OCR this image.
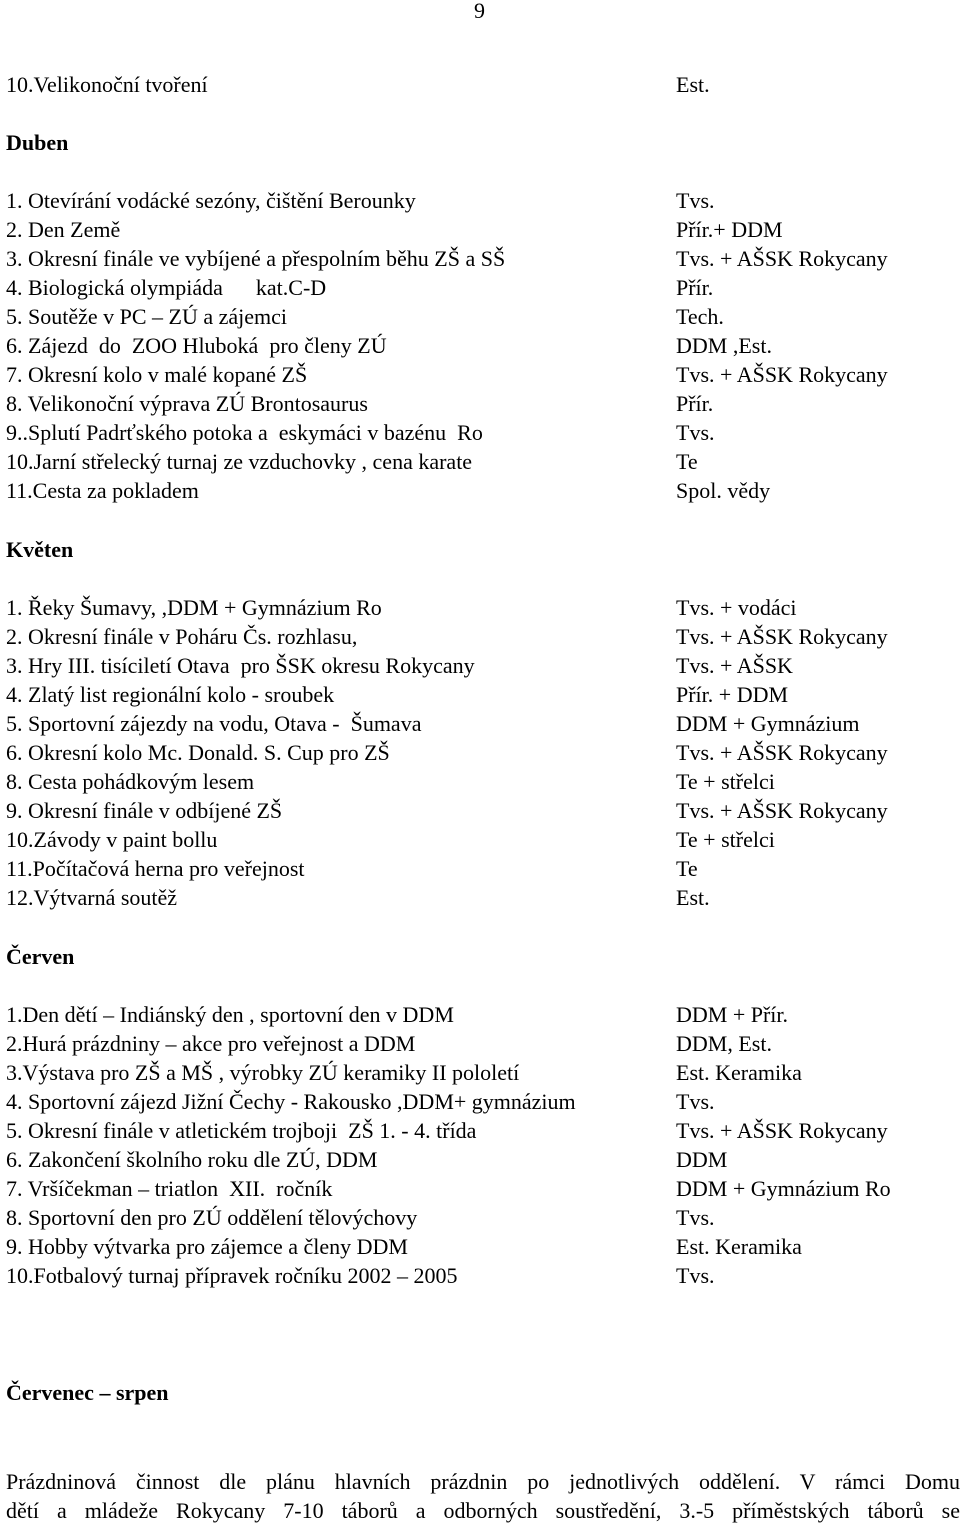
9
10.Velikonoční tvoření	Est.
Duben
1. Otevírání vodácké sezóny, čištění Berounky	Tvs.
2. Den Země	Přír.+ DDM
3. Okresní finále ve vybíjené a přespolním běhu ZŠ a SŠ	Tvs. + AŠSK Rokycany
4. Biologická olympiáda      kat.C-D	Přír.
5. Soutěže v PC – ZÚ a zájemci	Tech.
6. Zájezd  do  ZOO Hluboká  pro členy ZÚ	DDM ,Est.
7. Okresní kolo v malé kopané ZŠ	Tvs. + AŠSK Rokycany
8. Velikonoční výprava ZÚ Brontosaurus	Přír.
9..Splutí Padrťského potoka a  eskymáci v bazénu  Ro	Tvs.
10.Jarní střelecký turnaj ze vzduchovky , cena karate	Te
11.Cesta za pokladem	Spol. vědy
Květen
1. Řeky Šumavy, ,DDM + Gymnázium Ro	Tvs. + vodáci
2. Okresní finále v Poháru Čs. rozhlasu,	Tvs. + AŠSK Rokycany
3. Hry III. tisíciletí Otava  pro ŠSK okresu Rokycany	Tvs. + AŠSK
4. Zlatý list regionální kolo - sroubek	Přír. + DDM
5. Sportovní zájezdy na vodu, Otava -  Šumava	DDM + Gymnázium
6. Okresní kolo Mc. Donald. S. Cup pro ZŠ	Tvs. + AŠSK Rokycany
8. Cesta pohádkovým lesem	Te + střelci
9. Okresní finále v odbíjené ZŠ	Tvs. + AŠSK Rokycany
10.Závody v paint bollu	Te + střelci
11.Počítačová herna pro veřejnost	Te
12.Výtvarná soutěž	Est.
Červen
1.Den dětí – Indiánský den , sportovní den v DDM	DDM + Přír.
2.Hurá prázdniny – akce pro veřejnost a DDM	DDM, Est.
3.Výstava pro ZŠ a MŠ , výrobky ZÚ keramiky II pololetí	Est. Keramika
4. Sportovní zájezd Jižní Čechy - Rakousko ,DDM+ gymnázium	Tvs.
5. Okresní finále v atletickém trojboji  ZŠ 1. - 4. třída	Tvs. + AŠSK Rokycany
6. Zakončení školního roku dle ZÚ, DDM	DDM
7. Vršíčekman – triatlon  XII.  ročník	DDM + Gymnázium Ro
8. Sportovní den pro ZÚ oddělení tělovýchovy	Tvs.
9. Hobby výtvarka pro zájemce a členy DDM	Est. Keramika
10.Fotbalový turnaj přípravek ročníku 2002 – 2005	Tvs.
Červenec – srpen
Prázdninová činnost dle plánu hlavních prázdnin po jednotlivých oddělení. V rámci Domu
dětí a mládeže Rokycany 7-10 táborů a odborných soustředění, 3.-5 příměstských táborů se
